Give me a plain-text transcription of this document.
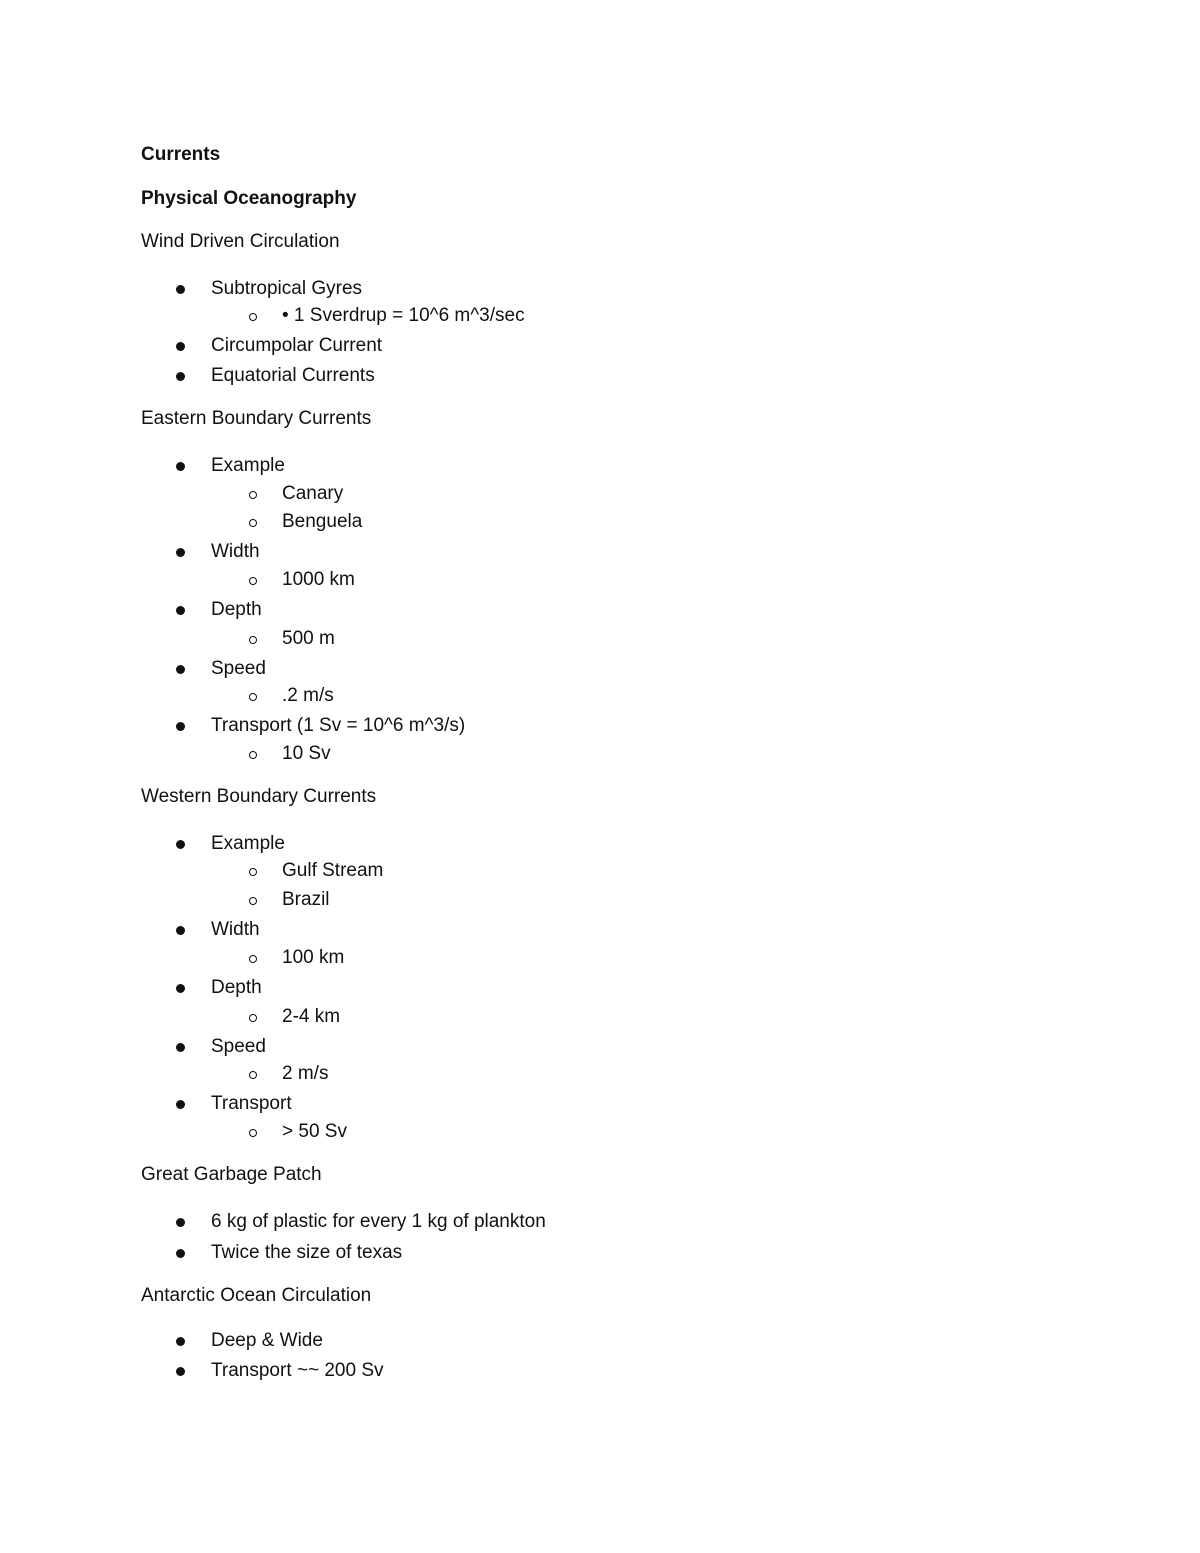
Currents
Physical Oceanography
Wind Driven Circulation
Subtropical Gyres
• 1 Sverdrup = 10^6 m^3/sec
Circumpolar Current
Equatorial Currents
Eastern Boundary Currents
Example
Canary
Benguela
Width
1000 km
Depth
500 m
Speed
.2 m/s
Transport (1 Sv = 10^6 m^3/s)
10 Sv
Western Boundary Currents
Example
Gulf Stream
Brazil
Width
100 km
Depth
2-4 km
Speed
2 m/s
Transport
> 50 Sv
Great Garbage Patch
6 kg of plastic for every 1 kg of plankton
Twice the size of texas
Antarctic Ocean Circulation
Deep & Wide
Transport ~~ 200 Sv
